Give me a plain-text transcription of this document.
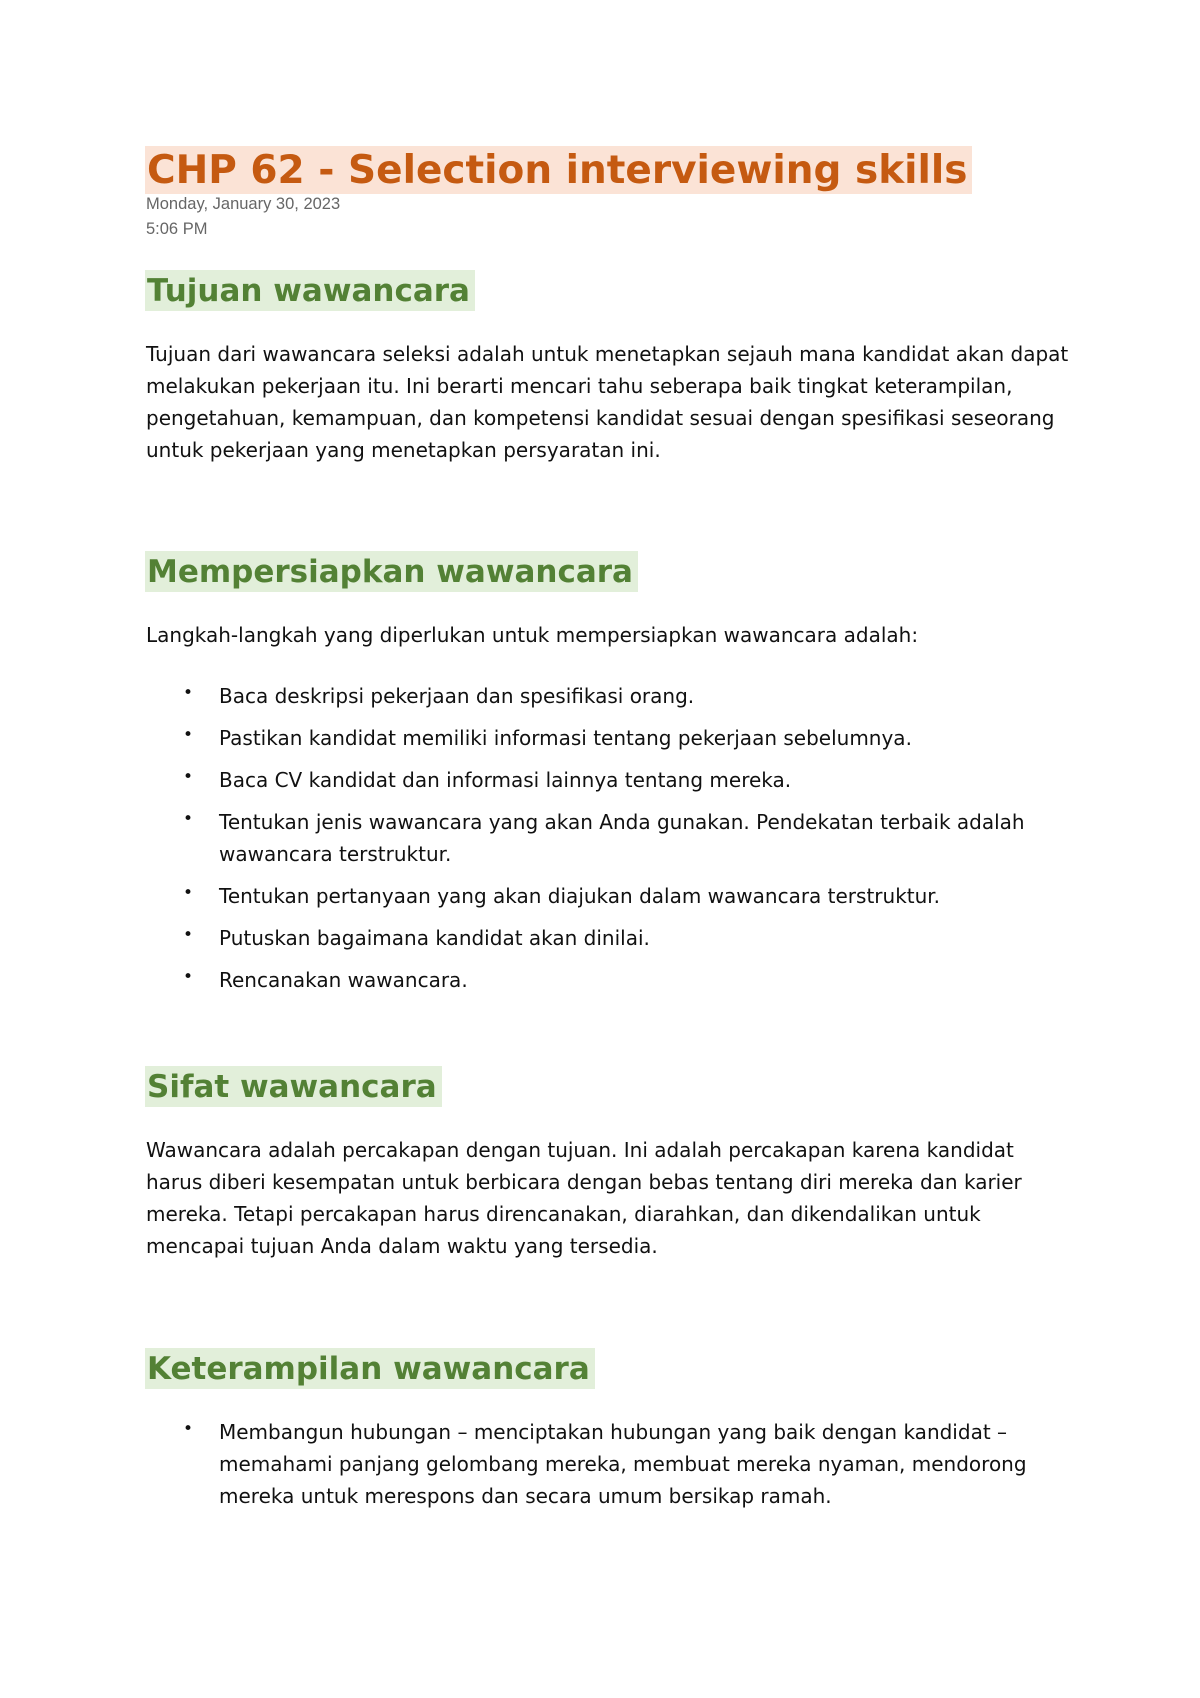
CHP 62 - Selection interviewing skills
Monday, January 30, 2023
5:06 PM
Tujuan wawancara

Tujuan dari wawancara seleksi adalah untuk menetapkan sejauh mana kandidat akan dapat melakukan pekerjaan itu. Ini berarti mencari tahu seberapa baik tingkat keterampilan, pengetahuan, kemampuan, dan kompetensi kandidat sesuai dengan spesifikasi seseorang untuk pekerjaan yang menetapkan persyaratan ini.

Mempersiapkan wawancara

Langkah-langkah yang diperlukan untuk mempersiapkan wawancara adalah:

• Baca deskripsi pekerjaan dan spesifikasi orang.
• Pastikan kandidat memiliki informasi tentang pekerjaan sebelumnya.
• Baca CV kandidat dan informasi lainnya tentang mereka.
• Tentukan jenis wawancara yang akan Anda gunakan. Pendekatan terbaik adalah wawancara terstruktur.
• Tentukan pertanyaan yang akan diajukan dalam wawancara terstruktur.
• Putuskan bagaimana kandidat akan dinilai.
• Rencanakan wawancara.
Sifat wawancara

Wawancara adalah percakapan dengan tujuan. Ini adalah percakapan karena kandidat harus diberi kesempatan untuk berbicara dengan bebas tentang diri mereka dan karier mereka. Tetapi percakapan harus direncanakan, diarahkan, dan dikendalikan untuk mencapai tujuan Anda dalam waktu yang tersedia.

Keterampilan wawancara
• Membangun hubungan – menciptakan hubungan yang baik dengan kandidat – memahami panjang gelombang mereka, membuat mereka nyaman, mendorong mereka untuk merespons dan secara umum bersikap ramah.
